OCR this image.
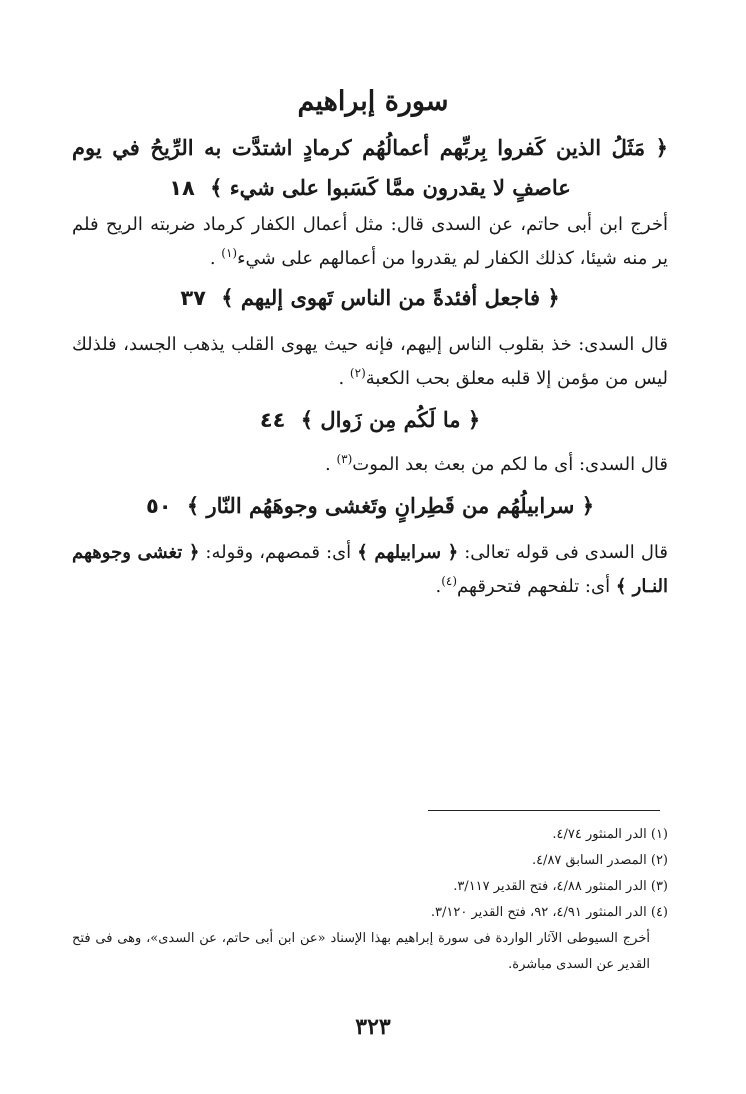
سورة إبراهيم
﴿ مَثَلُ الذين كَفروا بِربِّهم أعمالُهُم كرمادٍ اشتدَّت به الرِّيحُ في يوم عاصفٍ لا يقدرون ممَّا كَسَبوا على شيء ﴾ ١٨
أخرج ابن أبى حاتم، عن السدى قال: مثل أعمال الكفار كرماد ضربته الريح فلم ير منه شيئا، كذلك الكفار لم يقدروا من أعمالهم على شيء$^{(١)}$ .
﴿ فاجعل أفئدةً من الناس تَهوى إليهم ﴾ ٣٧
قال السدى: خذ بقلوب الناس إليهم، فإنه حيث يهوى القلب يذهب الجسد، فلذلك ليس من مؤمن إلا قلبه معلق بحب الكعبة$^{(٢)}$ .
﴿ ما لَكُم مِن زَوال ﴾ ٤٤
قال السدى: أى ما لكم من بعث بعد الموت$^{(٣)}$ .
﴿ سرابيلُهُم من قَطِرانٍ وتَغشى وجوهَهُم النّار ﴾ ٥٠
قال السدى فى قوله تعالى: ﴿ سرابيلهم ﴾ أى: قمصهم، وقوله: ﴿ تغشى وجوههم النـار ﴾ أى: تلفحهم فتحرقهم$^{(٤)}$.
(١) الدر المنثور ٤/٧٤.
(٢) المصدر السابق ٤/٨٧.
(٣) الدر المنثور ٤/٨٨، فتح القدير ٣/١١٧.
(٤) الدر المنثور ٤/٩١، ٩٢، فتح القدير ٣/١٢٠.
أخرج السيوطى الآثار الواردة فى سورة إبراهيم بهذا الإسناد «عن ابن أبى حاتم، عن السدى»، وهى فى فتح القدير عن السدى مباشرة.
٣٢٣
